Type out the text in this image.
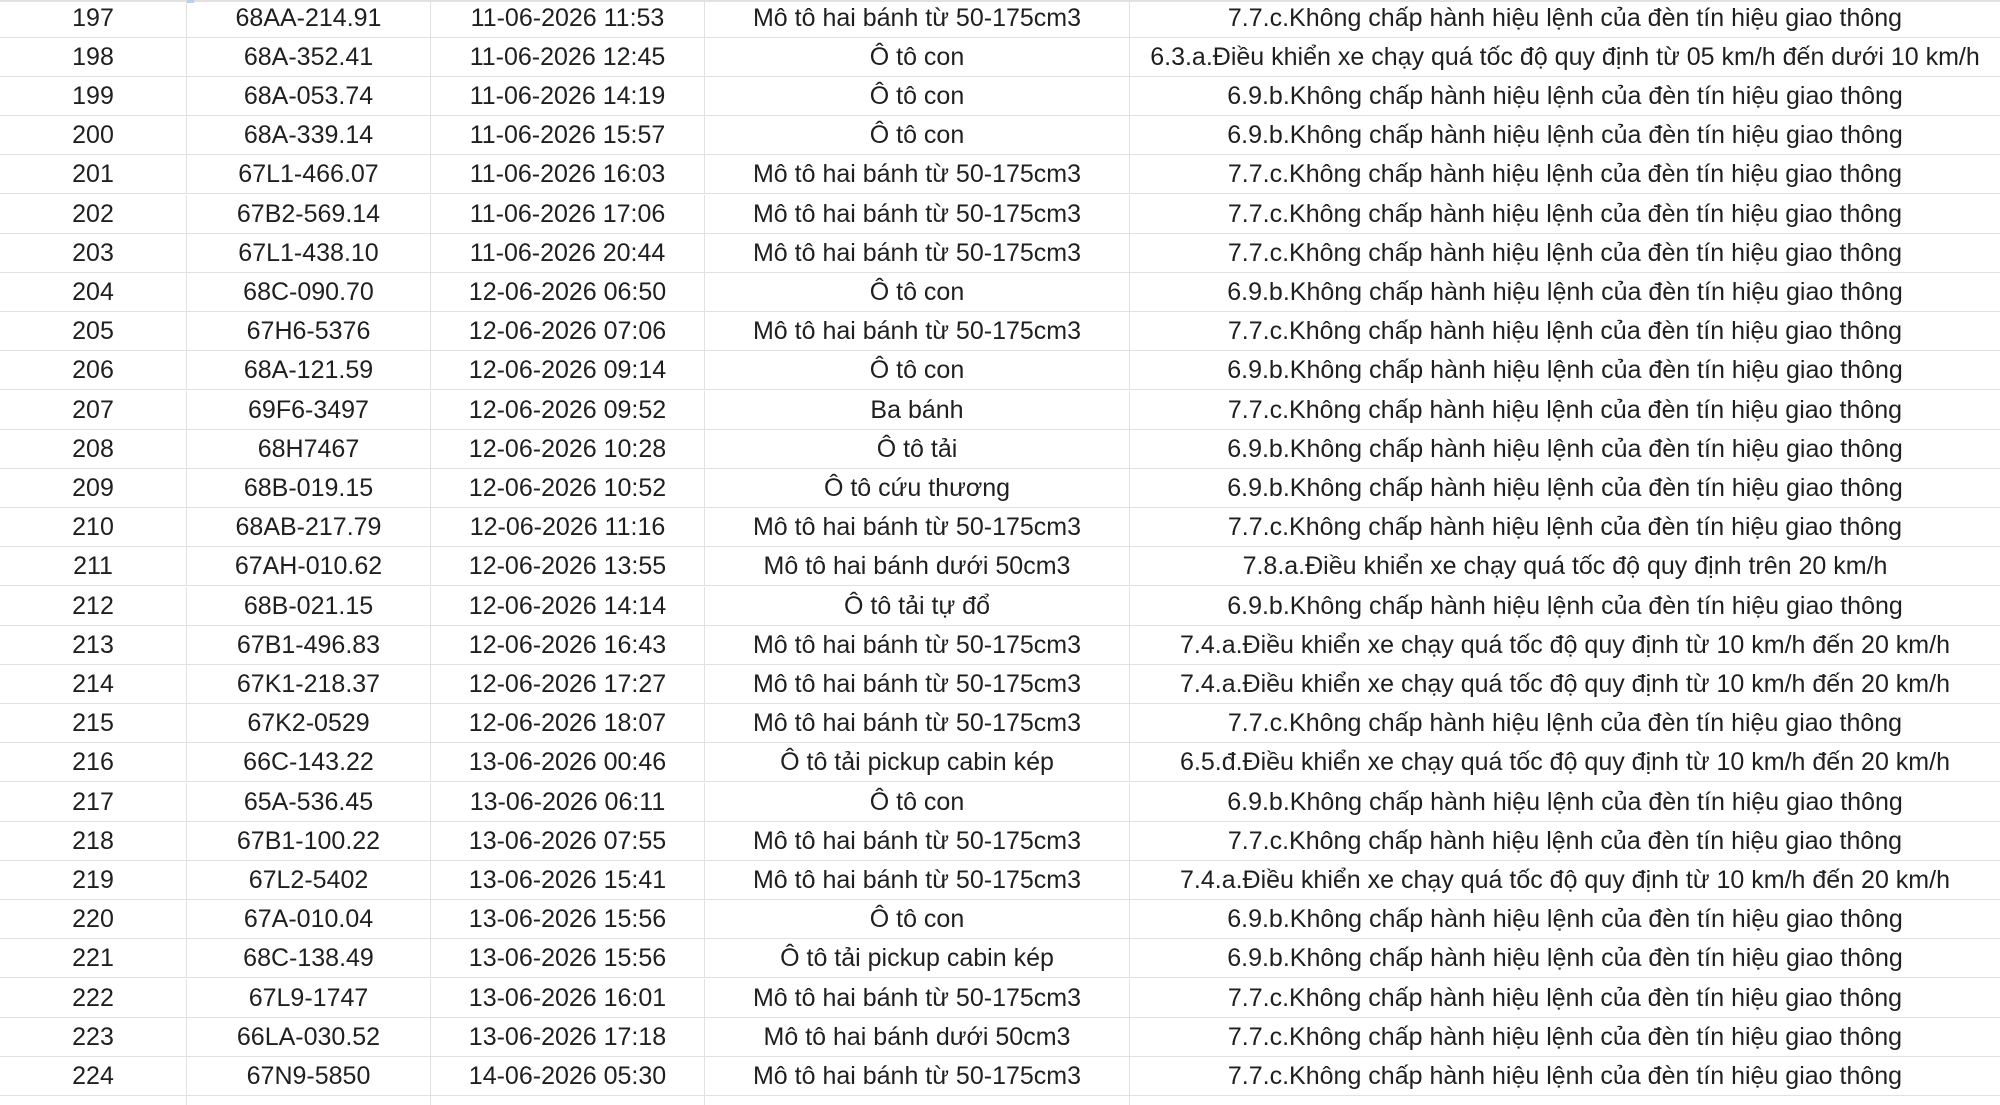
197	68AA-214.91	11-06-2026 11:53	Mô tô hai bánh từ 50-175cm3	7.7.c.Không chấp hành hiệu lệnh của đèn tín hiệu giao thông
198	68A-352.41	11-06-2026 12:45	Ô tô con	6.3.a.Điều khiển xe chạy quá tốc độ quy định từ 05 km/h đến dưới 10 km/h
199	68A-053.74	11-06-2026 14:19	Ô tô con	6.9.b.Không chấp hành hiệu lệnh của đèn tín hiệu giao thông
200	68A-339.14	11-06-2026 15:57	Ô tô con	6.9.b.Không chấp hành hiệu lệnh của đèn tín hiệu giao thông
201	67L1-466.07	11-06-2026 16:03	Mô tô hai bánh từ 50-175cm3	7.7.c.Không chấp hành hiệu lệnh của đèn tín hiệu giao thông
202	67B2-569.14	11-06-2026 17:06	Mô tô hai bánh từ 50-175cm3	7.7.c.Không chấp hành hiệu lệnh của đèn tín hiệu giao thông
203	67L1-438.10	11-06-2026 20:44	Mô tô hai bánh từ 50-175cm3	7.7.c.Không chấp hành hiệu lệnh của đèn tín hiệu giao thông
204	68C-090.70	12-06-2026 06:50	Ô tô con	6.9.b.Không chấp hành hiệu lệnh của đèn tín hiệu giao thông
205	67H6-5376	12-06-2026 07:06	Mô tô hai bánh từ 50-175cm3	7.7.c.Không chấp hành hiệu lệnh của đèn tín hiệu giao thông
206	68A-121.59	12-06-2026 09:14	Ô tô con	6.9.b.Không chấp hành hiệu lệnh của đèn tín hiệu giao thông
207	69F6-3497	12-06-2026 09:52	Ba bánh	7.7.c.Không chấp hành hiệu lệnh của đèn tín hiệu giao thông
208	68H7467	12-06-2026 10:28	Ô tô tải	6.9.b.Không chấp hành hiệu lệnh của đèn tín hiệu giao thông
209	68B-019.15	12-06-2026 10:52	Ô tô cứu thương	6.9.b.Không chấp hành hiệu lệnh của đèn tín hiệu giao thông
210	68AB-217.79	12-06-2026 11:16	Mô tô hai bánh từ 50-175cm3	7.7.c.Không chấp hành hiệu lệnh của đèn tín hiệu giao thông
211	67AH-010.62	12-06-2026 13:55	Mô tô hai bánh dưới 50cm3	7.8.a.Điều khiển xe chạy quá tốc độ quy định trên 20 km/h
212	68B-021.15	12-06-2026 14:14	Ô tô tải tự đổ	6.9.b.Không chấp hành hiệu lệnh của đèn tín hiệu giao thông
213	67B1-496.83	12-06-2026 16:43	Mô tô hai bánh từ 50-175cm3	7.4.a.Điều khiển xe chạy quá tốc độ quy định từ 10 km/h đến 20 km/h
214	67K1-218.37	12-06-2026 17:27	Mô tô hai bánh từ 50-175cm3	7.4.a.Điều khiển xe chạy quá tốc độ quy định từ 10 km/h đến 20 km/h
215	67K2-0529	12-06-2026 18:07	Mô tô hai bánh từ 50-175cm3	7.7.c.Không chấp hành hiệu lệnh của đèn tín hiệu giao thông
216	66C-143.22	13-06-2026 00:46	Ô tô tải pickup cabin kép	6.5.đ.Điều khiển xe chạy quá tốc độ quy định từ 10 km/h đến 20 km/h
217	65A-536.45	13-06-2026 06:11	Ô tô con	6.9.b.Không chấp hành hiệu lệnh của đèn tín hiệu giao thông
218	67B1-100.22	13-06-2026 07:55	Mô tô hai bánh từ 50-175cm3	7.7.c.Không chấp hành hiệu lệnh của đèn tín hiệu giao thông
219	67L2-5402	13-06-2026 15:41	Mô tô hai bánh từ 50-175cm3	7.4.a.Điều khiển xe chạy quá tốc độ quy định từ 10 km/h đến 20 km/h
220	67A-010.04	13-06-2026 15:56	Ô tô con	6.9.b.Không chấp hành hiệu lệnh của đèn tín hiệu giao thông
221	68C-138.49	13-06-2026 15:56	Ô tô tải pickup cabin kép	6.9.b.Không chấp hành hiệu lệnh của đèn tín hiệu giao thông
222	67L9-1747	13-06-2026 16:01	Mô tô hai bánh từ 50-175cm3	7.7.c.Không chấp hành hiệu lệnh của đèn tín hiệu giao thông
223	66LA-030.52	13-06-2026 17:18	Mô tô hai bánh dưới 50cm3	7.7.c.Không chấp hành hiệu lệnh của đèn tín hiệu giao thông
224	67N9-5850	14-06-2026 05:30	Mô tô hai bánh từ 50-175cm3	7.7.c.Không chấp hành hiệu lệnh của đèn tín hiệu giao thông
